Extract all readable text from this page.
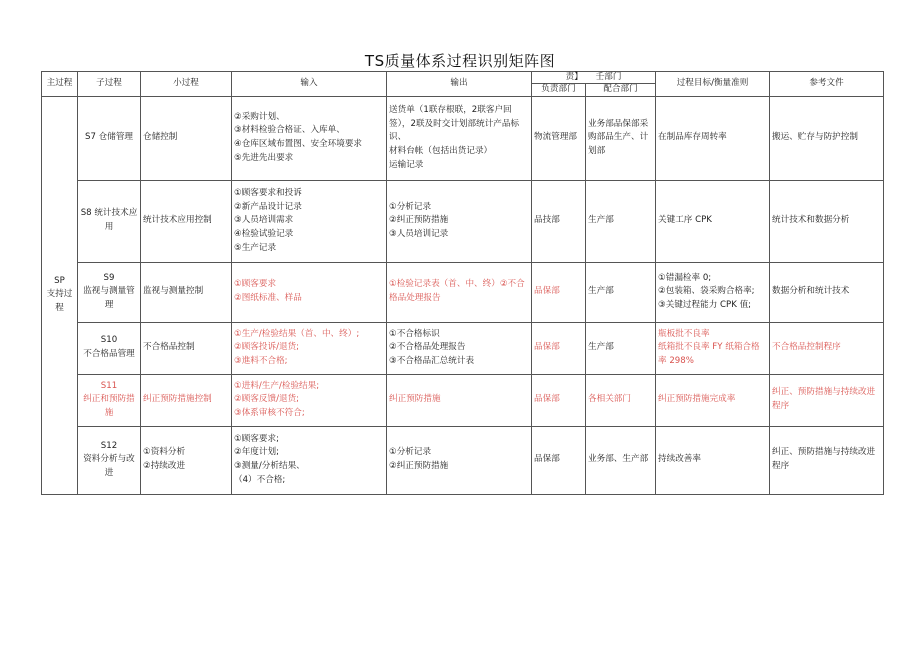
TS质量体系过程识别矩阵图
主过程	子过程	小过程	输入	输出	责】　　壬部门		过程目标/衡量准则	参考文件
					负责部门	配合部门		

SP
支持过程	S7 仓储管理	仓储控制	②采购计划、
③材料检验合格证、入库单、
④仓库区域布置图、安全环境要求
⑤先进先出要求	送货单（1联存根联，2联客户回签），2联及时交计划部统计产品标识、
材料台帐（包括出货记录）
运输记录	物流管理部	业务部品保部采购部品生产、计划部	在制品库存周转率	搬运、贮存与防护控制

	S8 统计技术应
用	统计技术应用控制	①顾客要求和投诉
②新产品设计记录
③人员培训需求
④检验试验记录
⑤生产记录	①分析记录
②纠正预防措施
③人员培训记录	品技部	生产部	关键工序 CPK	统计技术和数据分析

	S9
监视与测量管理	监视与测量控制	①顾客要求
②图纸标准、样品	①检验记录表（首、中、终）②不合格品处理报告	品保部	生产部	①错漏检率 0;
②包装箱、袋采购合格率;
③关键过程能力 CPK 值;	数据分析和统计技术

	S10
不合格品管理	不合格品控制	①生产/检验结果（首、中、终）;
②顾客投诉/退货;
③進料不合格;	①不合格标识
②不合格品处理报告
③不合格品汇总统计表	品保部	生产部	瓶板批不良率
纸箱批不良率 FY 纸箱合格率 298%	不合格品控制程序

	S11
纠正和预防措施	纠正预防措施控制	①进料/生产/检验结果;
②顾客反馈/退货;
③体系审核不符合;	纠正预防措施	品保部	各相关部门	纠正预防措施完成率	纠正、预防措施与持续改进程序

	S12
资料分析与改
进	①资料分析
②持续改进	①顾客要求;
②年度计划;
③测量/分析结果、
（4）不合格;	①分析记录
②纠正预防措施	品保部	业务部、生产部	持续改善率	纠正、预防措施与持续改进程序
